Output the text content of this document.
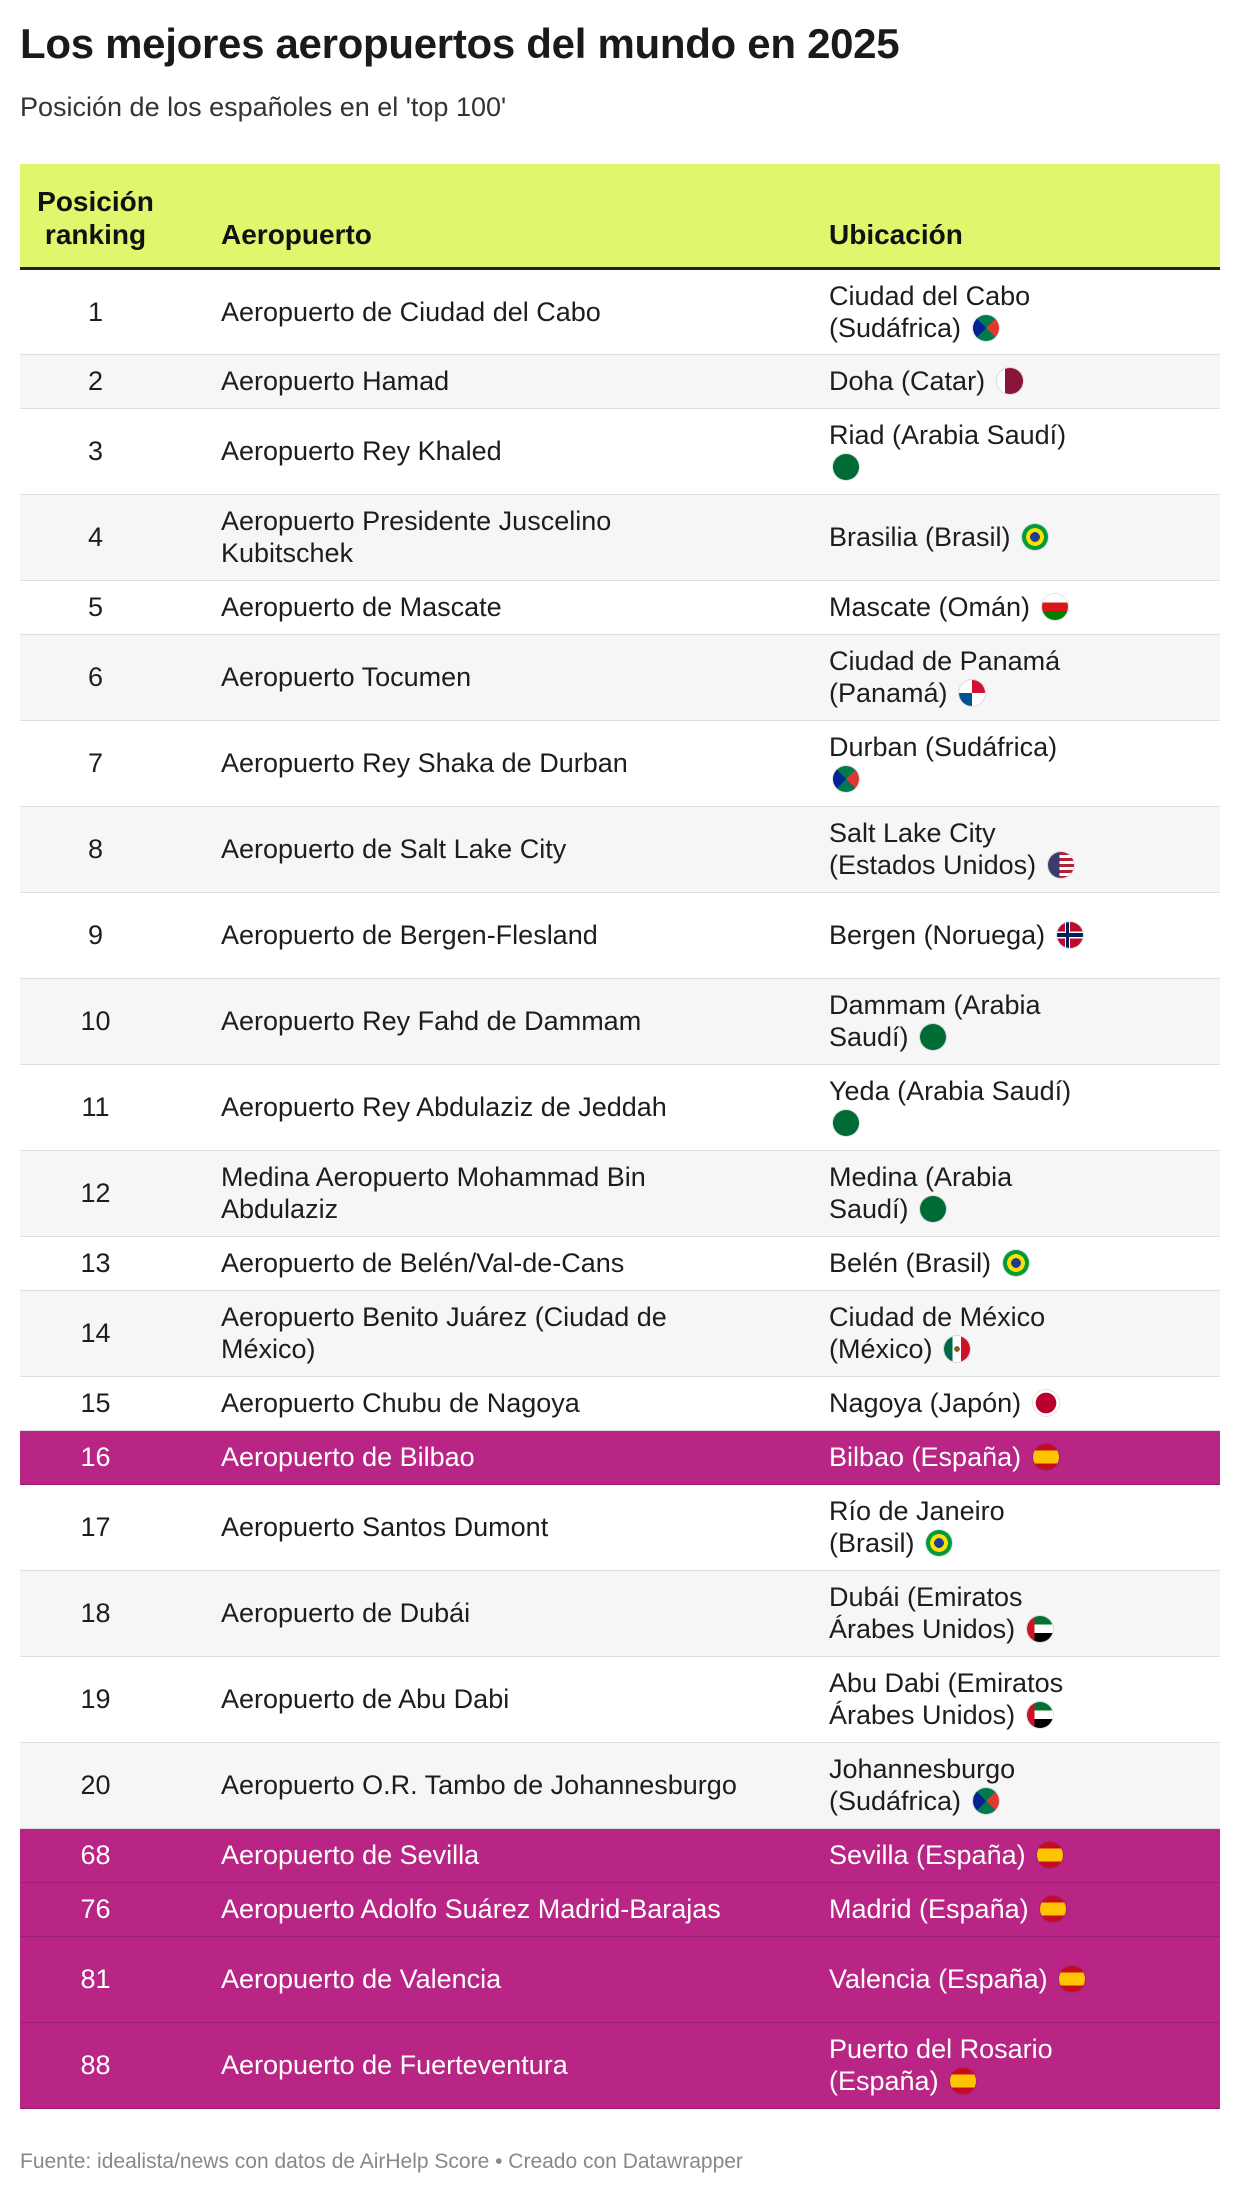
Los mejores aeropuertos del mundo en 2025

Posición de los españoles en el 'top 100'

Posición
ranking	Aeropuerto	Ubicación
1	Aeropuerto de Ciudad del Cabo	Ciudad del Cabo (Sudáfrica)
2	Aeropuerto Hamad	Doha (Catar)
3	Aeropuerto Rey Khaled	Riad (Arabia Saudí)
4	Aeropuerto Presidente Juscelino Kubitschek	Brasilia (Brasil)
5	Aeropuerto de Mascate	Mascate (Omán)
6	Aeropuerto Tocumen	Ciudad de Panamá (Panamá)
7	Aeropuerto Rey Shaka de Durban	Durban (Sudáfrica)
8	Aeropuerto de Salt Lake City	Salt Lake City (Estados Unidos)
9	Aeropuerto de Bergen-Flesland	Bergen (Noruega)
10	Aeropuerto Rey Fahd de Dammam	Dammam (Arabia Saudí)
11	Aeropuerto Rey Abdulaziz de Jeddah	Yeda (Arabia Saudí)
12	Medina Aeropuerto Mohammad Bin Abdulaziz	Medina (Arabia Saudí)
13	Aeropuerto de Belén/Val-de-Cans	Belén (Brasil)
14	Aeropuerto Benito Juárez (Ciudad de México)	Ciudad de México (México)
15	Aeropuerto Chubu de Nagoya	Nagoya (Japón)
16	Aeropuerto de Bilbao	Bilbao (España)
17	Aeropuerto Santos Dumont	Río de Janeiro (Brasil)
18	Aeropuerto de Dubái	Dubái (Emiratos Árabes Unidos)
19	Aeropuerto de Abu Dabi	Abu Dabi (Emiratos Árabes Unidos)
20	Aeropuerto O.R. Tambo de Johannesburgo	Johannesburgo (Sudáfrica)
68	Aeropuerto de Sevilla	Sevilla (España)
76	Aeropuerto Adolfo Suárez Madrid-Barajas	Madrid (España)
81	Aeropuerto de Valencia	Valencia (España)
88	Aeropuerto de Fuerteventura	Puerto del Rosario (España)

Fuente: idealista/news con datos de AirHelp Score • Creado con Datawrapper
